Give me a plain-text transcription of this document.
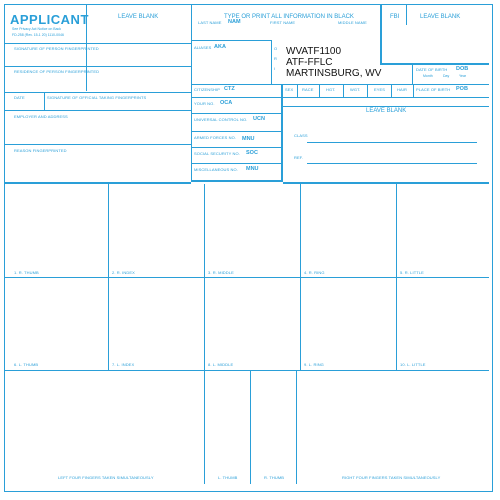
APPLICANT
See Privacy Act Notice on Back
FD-258 (Rev. 15-1 20) 1110-0046
LEAVE BLANK	TYPE OR PRINT ALL INFORMATION IN BLACK
LAST NAME NAM	FIRST NAME	MIDDLE NAME
FBI	LEAVE BLANK
SIGNATURE OF PERSON FINGERPRINTED	ALIASES AKA	O
R
I
WVATF1100
ATF-FFLC
MARTINSBURG, WV
RESIDENCE OF PERSON FINGERPRINTED	DATE OF BIRTH DOB
Month	Day	Year
CITIZENSHIP CTZ	SEX RACE	HGT.	WGT.	EYES	HAIR PLACE OF BIRTH POB
DATE	SIGNATURE OF OFFICIAL TAKING FINGERPRINTS
YOUR NO. OCA
LEAVE BLANK
EMPLOYER AND ADDRESS
UNIVERSAL CONTROL NO. UCN
CLASS
ARMED FORCES NO. MNU
REASON FINGERPRINTED
SOCIAL SECURITY NO. SOC
REF.
MISCELLANEOUS NO. MNU
1. R. THUMB	2. R. INDEX	3. R. MIDDLE	4. R. RING	5. R. LITTLE
6. L. THUMB	7. L. INDEX	8. L. MIDDLE	9. L. RING	10. L. LITTLE
LEFT FOUR FINGERS TAKEN SIMULTANEOUSLY	L. THUMB	R. THUMB	RIGHT FOUR FINGERS TAKEN SIMULTANEOUSLY
